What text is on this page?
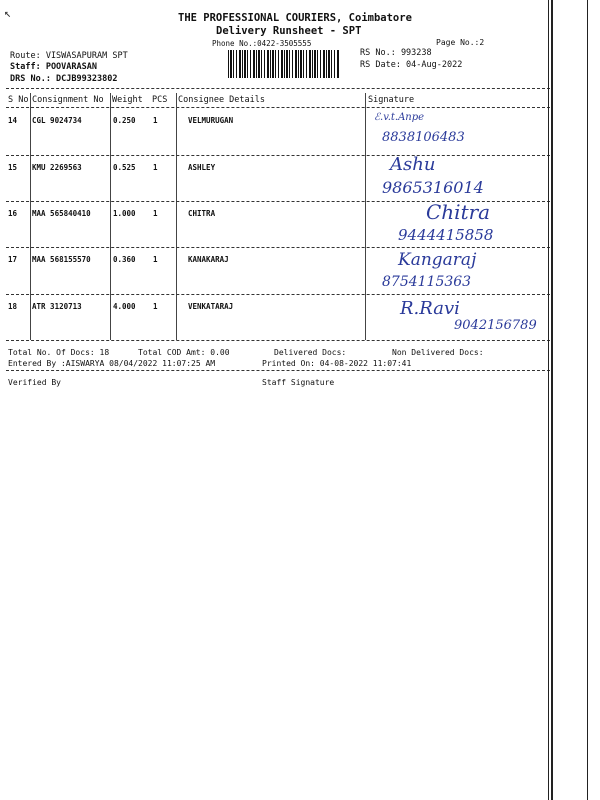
↖	THE PROFESSIONAL COURIERS, Coimbatore
Delivery Runsheet - SPT
Phone No.:0422-3505555	Page No.:2
Route: VISWASAPURAM SPT
Staff: POOVARASAN
DRS No.: DCJB99323802
RS No.: 993238
RS Date: 04-Aug-2022
S No Consignment No Weight PCS Consignee Details	Signature
14 CGL 9024734	0.250 1	VELMURUGAN	ℰ.v.t.Anpe
8838106483
15 KMU 2269563	0.525 1	ASHLEY	Ashu
9865316014
16 MAA 565840410	1.000 1	CHITRA	Chitra
9444415858
17 MAA 568155570	0.360 1	KANAKARAJ	Kangaraj
8754115363
18 ATR 3120713	4.000 1	VENKATARAJ	R.Ravi
9042156789
Total No. Of Docs: 18	Total COD Amt: 0.00	Delivered Docs:	Non Delivered Docs:
Entered By :AISWARYA 08/04/2022 11:07:25 AM	Printed On: 04-08-2022 11:07:41
Verified By	Staff Signature
